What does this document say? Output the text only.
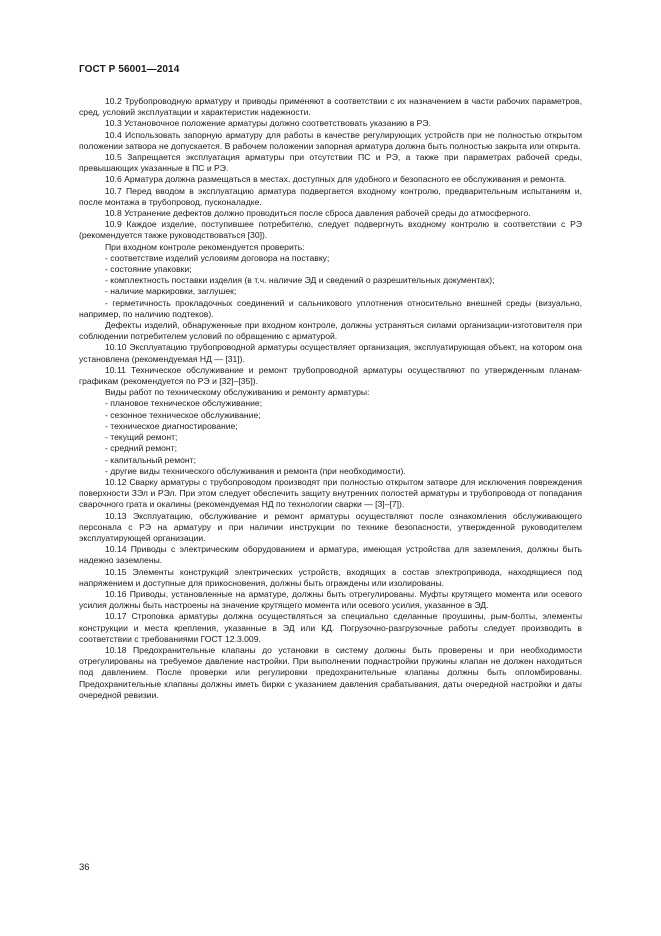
ГОСТ Р 56001—2014

10.2 Трубопроводную арматуру и приводы применяют в соответствии с их назначением в части рабочих параметров, сред, условий эксплуатации и характеристик надежности.

10.3 Установочное положение арматуры должно соответствовать указанию в РЭ.

10.4 Использовать запорную арматуру для работы в качестве регулирующих устройств при не полностью открытом положении затвора не допускается. В рабочем положении запорная арматура должна быть полностью закрыта или открыта.

10.5 Запрещается эксплуатация арматуры при отсутствии ПС и РЭ, а также при параметрах рабочей среды, превышающих указанные в ПС и РЭ.

10.6 Арматура должна размещаться в местах, доступных для удобного и безопасного ее обслуживания и ремонта.

10.7 Перед вводом в эксплуатацию арматура подвергается входному контролю, предварительным испытаниям и, после монтажа в трубопровод, пусконаладке.

10.8 Устранение дефектов должно проводиться после сброса давления рабочей среды до атмосферного.

10.9 Каждое изделие, поступившее потребителю, следует подвергнуть входному контролю в соответствии с РЭ (рекомендуется также руководствоваться [30]).

При входном контроле рекомендуется проверить:

- соответствие изделий условиям договора на поставку;

- состояние упаковки;

- комплектность поставки изделия (в т.ч. наличие ЭД и сведений о разрешительных документах);

- наличие маркировки, заглушек;

- герметичность прокладочных соединений и сальникового уплотнения относительно внешней среды (визуально, например, по наличию подтеков).

Дефекты изделий, обнаруженные при входном контроле, должны устраняться силами организации-изготовителя при соблюдении потребителем условий по обращению с арматурой.

10.10 Эксплуатацию трубопроводной арматуры осуществляет организация, эксплуатирующая объект, на котором она установлена (рекомендуемая НД — [31]).

10.11 Техническое обслуживание и ремонт трубопроводной арматуры осуществляют по утвержденным планам-графикам (рекомендуется по РЭ и [32]–[35]).

Виды работ по техническому обслуживанию и ремонту арматуры:

- плановое техническое обслуживание;

- сезонное техническое обслуживание;

- техническое диагностирование;

- текущий ремонт;

- средний ремонт;

- капитальный ремонт;

- другие виды технического обслуживания и ремонта (при необходимости).

10.12 Сварку арматуры с трубопроводом производят при полностью открытом затворе для исключения повреждения поверхности ЗЭл и РЭл. При этом следует обеспечить защиту внутренних полостей арматуры и трубопровода от попадания сварочного грата и окалины (рекомендуемая НД по технологии сварки — [3]–[7]).

10.13 Эксплуатацию, обслуживание и ремонт арматуры осуществляют после ознакомления обслуживающего персонала с РЭ на арматуру и при наличии инструкции по технике безопасности, утвержденной руководителем эксплуатирующей организации.

10.14 Приводы с электрическим оборудованием и арматура, имеющая устройства для заземления, должны быть надежно заземлены.

10.15 Элементы конструкций электрических устройств, входящих в состав электропривода, находящиеся под напряжением и доступные для прикосновения, должны быть ограждены или изолированы.

10.16 Приводы, установленные на арматуре, должны быть отрегулированы. Муфты крутящего момента или осевого усилия должны быть настроены на значение крутящего момента или осевого усилия, указанное в ЭД.

10.17 Строповка арматуры должна осуществляться за специально сделанные проушины, рым-болты, элементы конструкции и места крепления, указанные в ЭД или КД. Погрузочно-разгрузочные работы следует производить в соответствии с требованиями ГОСТ 12.3.009.

10.18 Предохранительные клапаны до установки в систему должны быть проверены и при необходимости отрегулированы на требуемое давление настройки. При выполнении поднастройки пружины клапан не должен находиться под давлением. После проверки или регулировки предохранительные клапаны должны быть опломбированы. Предохранительные клапаны должны иметь бирки с указанием давления срабатывания, даты очередной настройки и даты очередной ревизии.

36
